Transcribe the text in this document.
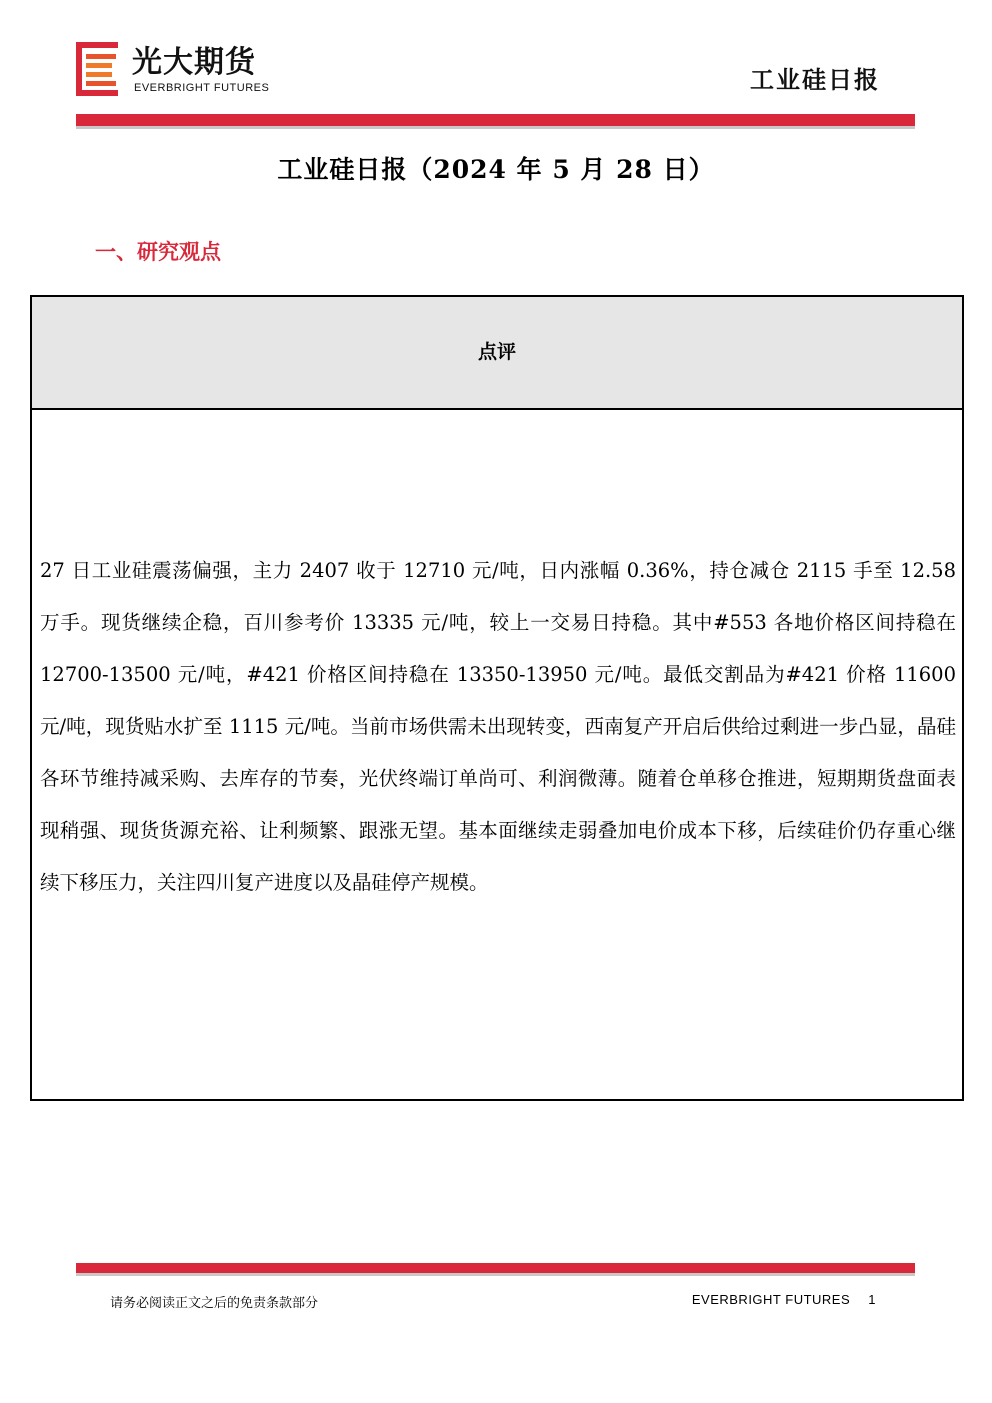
光大期货
EVERBRIGHT FUTURES	工业硅日报
工业硅日报（2024 年 5 月 28 日）
一、研究观点
点评
27 日工业硅震荡偏强，主力 2407 收于 12710 元/吨，日内涨幅 0.36%，持仓减仓 2115 手至 12.58 万手。现货继续企稳，百川参考价 13335 元/吨，较上一交易日持稳。其中#553 各地价格区间持稳在 12700-13500 元/吨，#421 价格区间持稳在 13350-13950 元/吨。最低交割品为#421 价格 11600 元/吨，现货贴水扩至 1115 元/吨。当前市场供需未出现转变，西南复产开启后供给过剩进一步凸显，晶硅各环节维持减采购、去库存的节奏，光伏终端订单尚可、利润微薄。随着仓单移仓推进，短期期货盘面表现稍强、现货货源充裕、让利频繁、跟涨无望。基本面继续走弱叠加电价成本下移，后续硅价仍存重心继续下移压力，关注四川复产进度以及晶硅停产规模。
请务必阅读正文之后的免责条款部分	EVERBRIGHT FUTURES 1
